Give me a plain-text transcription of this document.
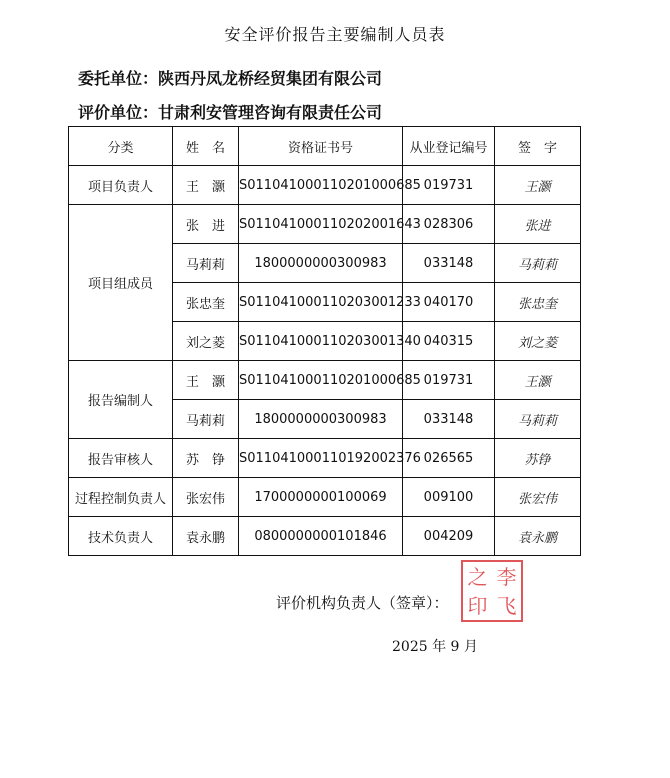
安全评价报告主要编制人员表
委托单位：陕西丹凤龙桥经贸集团有限公司
评价单位：甘肃利安管理咨询有限责任公司
分类	姓　名	资格证书号	从业登记编号	签　字
项目负责人	王　灏	S011041000110201000685	019731	王灏
项目组成员	张　进	S011041000110202001643	028306	张进
	马莉莉	1800000000300983	033148	马莉莉
	张忠奎	S011041000110203001233	040170	张忠奎
	刘之菱	S011041000110203001340	040315	刘之菱
报告编制人	王　灏	S011041000110201000685	019731	王灏
	马莉莉	1800000000300983	033148	马莉莉
报告审核人	苏　铮	S011041000110192002376	026565	苏铮
过程控制负责人	张宏伟	1700000000100069	009100	张宏伟
技术负责人	袁永鹏	0800000000101846	004209	袁永鹏
评价机构负责人（签章）：
之 李
印 飞
2025 年 9 月
